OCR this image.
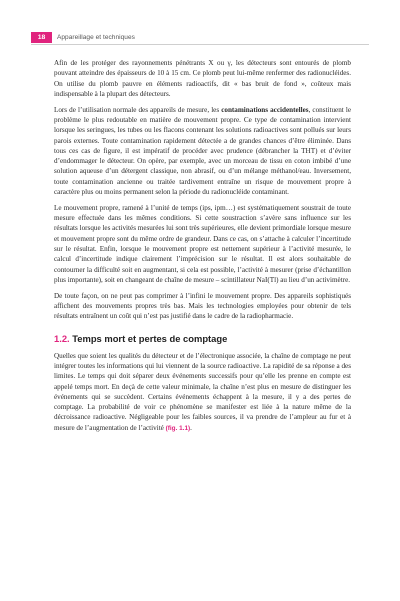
18	Appareillage et techniques

Afin de les protéger des rayonnements pénétrants X ou γ, les détecteurs sont entourés de plomb pouvant atteindre des épaisseurs de 10 à 15 cm. Ce plomb peut lui-même renfermer des radionucléides. On utilise du plomb pauvre en éléments radioactifs, dit « bas bruit de fond », coûteux mais indispensable à la plupart des détecteurs.

Lors de l’utilisation normale des appareils de mesure, les contaminations accidentelles, constituent le problème le plus redoutable en matière de mouvement propre. Ce type de contamination intervient lorsque les seringues, les tubes ou les flacons contenant les solutions radioactives sont pollués sur leurs parois externes. Toute contamination rapidement détectée a de grandes chances d’être éliminée. Dans tous ces cas de figure, il est impératif de procéder avec prudence (débrancher la THT) et d’éviter d’endommager le détecteur. On opère, par exemple, avec un morceau de tissu en coton imbibé d’une solution aqueuse d’un détergent classique, non abrasif, ou d’un mélange méthanol/eau. Inversement, toute contamination ancienne ou traitée tardivement entraîne un risque de mouvement propre à caractère plus ou moins permanent selon la période du radionucléide contaminant.

Le mouvement propre, ramené à l’unité de temps (ips, ipm…) est systématiquement soustrait de toute mesure effectuée dans les mêmes conditions. Si cette soustraction s’avère sans influence sur les résultats lorsque les activités mesurées lui sont très supérieures, elle devient primordiale lorsque mesure et mouvement propre sont du même ordre de grandeur. Dans ce cas, on s’attache à calculer l’incertitude sur le résultat. Enfin, lorsque le mouvement propre est nettement supérieur à l’activité mesurée, le calcul d’incertitude indique clairement l’imprécision sur le résultat. Il est alors souhaitable de contourner la difficulté soit en augmentant, si cela est possible, l’activité à mesurer (prise d’échantillon plus importante), soit en changeant de chaîne de mesure – scintillateur NaI(Tl) au lieu d’un activimètre.

De toute façon, on ne peut pas comprimer à l’infini le mouvement propre. Des appareils sophistiqués affichent des mouvements propres très bas. Mais les technologies employées pour obtenir de tels résultats entraînent un coût qui n’est pas justifié dans le cadre de la radiopharmacie.

1.2. Temps mort et pertes de comptage

Quelles que soient les qualités du détecteur et de l’électronique associée, la chaîne de comptage ne peut intégrer toutes les informations qui lui viennent de la source radioactive. La rapidité de sa réponse a des limites. Le temps qui doit séparer deux événements successifs pour qu’elle les prenne en compte est appelé temps mort. En deçà de cette valeur minimale, la chaîne n’est plus en mesure de distinguer les événements qui se succèdent. Certains événements échappent à la mesure, il y a des pertes de comptage. La probabilité de voir ce phénomène se manifester est liée à la nature même de la décroissance radioactive. Négligeable pour les faibles sources, il va prendre de l’ampleur au fur et à mesure de l’augmentation de l’activité (fig. 1.1).
